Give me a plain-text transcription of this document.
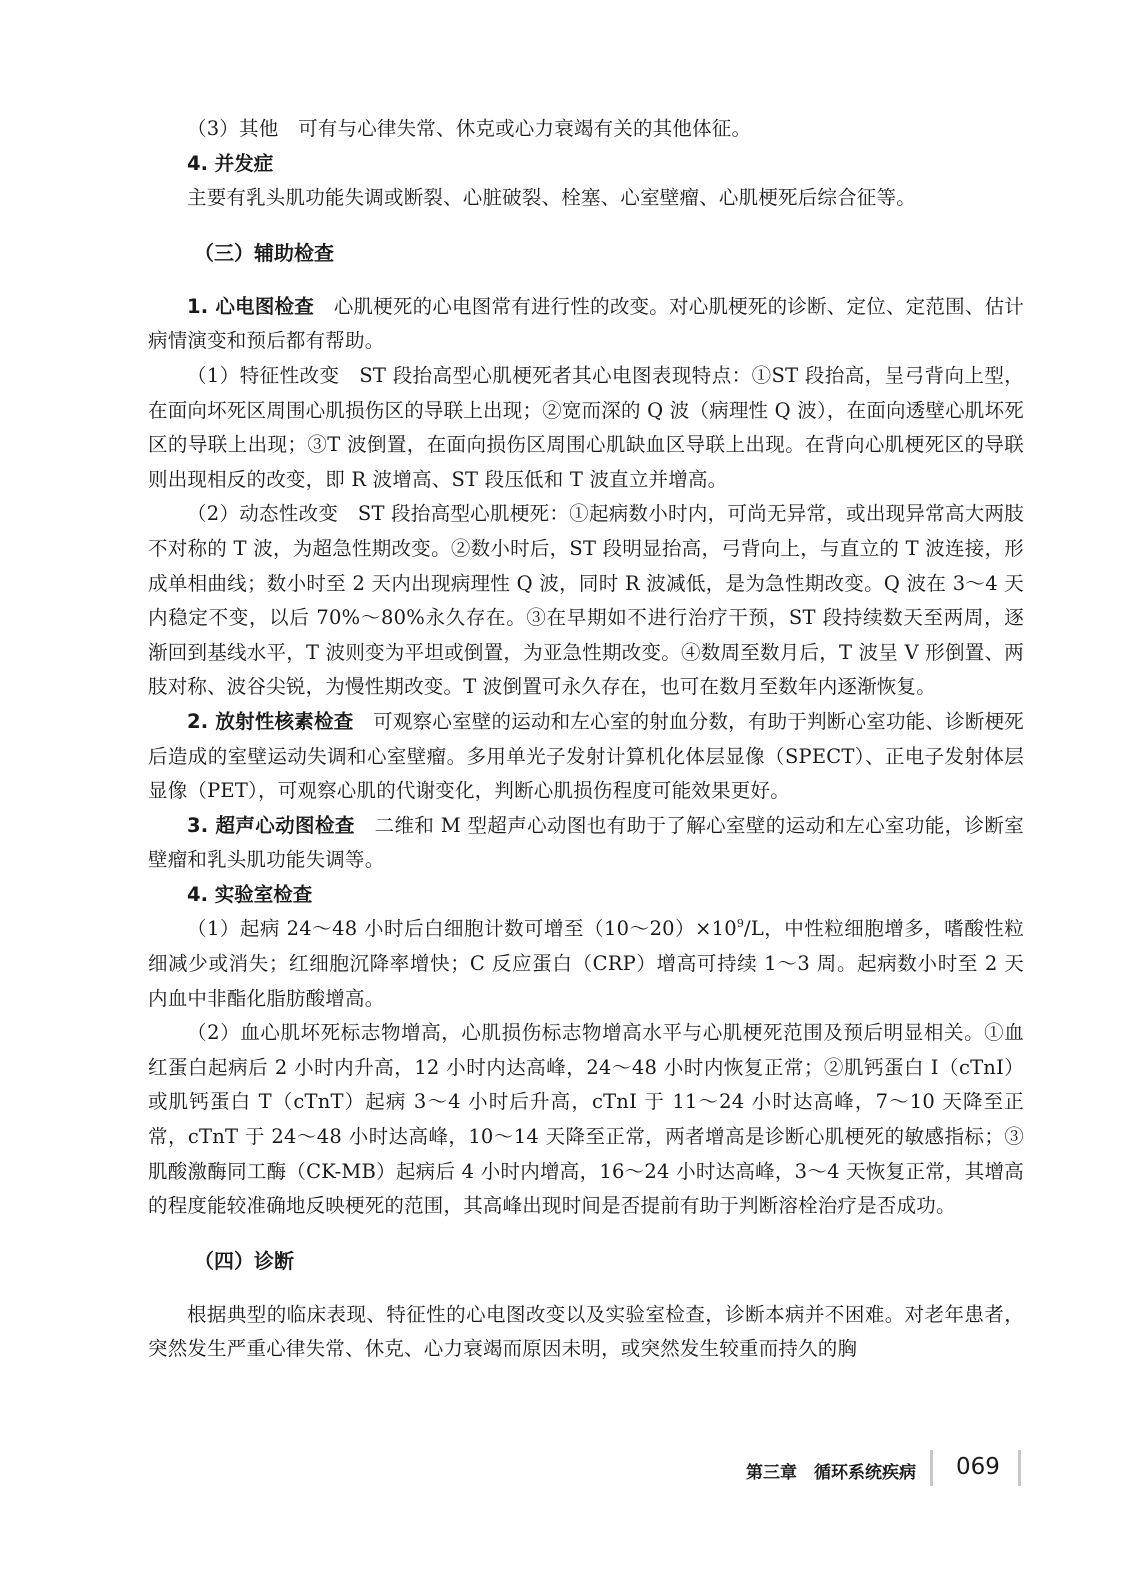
（3）其他　可有与心律失常、休克或心力衰竭有关的其他体征。

4. 并发症

主要有乳头肌功能失调或断裂、心脏破裂、栓塞、心室壁瘤、心肌梗死后综合征等。

（三）辅助检查

1. 心电图检查　心肌梗死的心电图常有进行性的改变。对心肌梗死的诊断、定位、定范围、估计病情演变和预后都有帮助。

（1）特征性改变　ST 段抬高型心肌梗死者其心电图表现特点：①ST 段抬高，呈弓背向上型，在面向坏死区周围心肌损伤区的导联上出现；②宽而深的 Q 波（病理性 Q 波），在面向透壁心肌坏死区的导联上出现；③T 波倒置，在面向损伤区周围心肌缺血区导联上出现。在背向心肌梗死区的导联则出现相反的改变，即 R 波增高、ST 段压低和 T 波直立并增高。

（2）动态性改变　ST 段抬高型心肌梗死：①起病数小时内，可尚无异常，或出现异常高大两肢不对称的 T 波，为超急性期改变。②数小时后，ST 段明显抬高，弓背向上，与直立的 T 波连接，形成单相曲线；数小时至 2 天内出现病理性 Q 波，同时 R 波减低，是为急性期改变。Q 波在 3～4 天内稳定不变，以后 70%～80%永久存在。③在早期如不进行治疗干预，ST 段持续数天至两周，逐渐回到基线水平，T 波则变为平坦或倒置，为亚急性期改变。④数周至数月后，T 波呈 V 形倒置、两肢对称、波谷尖锐，为慢性期改变。T 波倒置可永久存在，也可在数月至数年内逐渐恢复。

2. 放射性核素检查　可观察心室壁的运动和左心室的射血分数，有助于判断心室功能、诊断梗死后造成的室壁运动失调和心室壁瘤。多用单光子发射计算机化体层显像（SPECT）、正电子发射体层显像（PET），可观察心肌的代谢变化，判断心肌损伤程度可能效果更好。

3. 超声心动图检查　二维和 M 型超声心动图也有助于了解心室壁的运动和左心室功能，诊断室壁瘤和乳头肌功能失调等。

4. 实验室检查

（1）起病 24～48 小时后白细胞计数可增至$(10\sim 20)\times 10^9/L$，中性粒细胞增多，嗜酸性粒细减少或消失；红细胞沉降率增快；C 反应蛋白（CRP）增高可持续 1～3 周。起病数小时至 2 天内血中非酯化脂肪酸增高。

（2）血心肌坏死标志物增高，心肌损伤标志物增高水平与心肌梗死范围及预后明显相关。①血红蛋白起病后 2 小时内升高，12 小时内达高峰，24～48 小时内恢复正常；②肌钙蛋白 I（cTnI）或肌钙蛋白 T（cTnT）起病 3～4 小时后升高，cTnI 于 11～24 小时达高峰，7～10 天降至正常，cTnT 于 24～48 小时达高峰，10～14 天降至正常，两者增高是诊断心肌梗死的敏感指标；③肌酸激酶同工酶（CK-MB）起病后 4 小时内增高，16～24 小时达高峰，3～4 天恢复正常，其增高的程度能较准确地反映梗死的范围，其高峰出现时间是否提前有助于判断溶栓治疗是否成功。

（四）诊断

根据典型的临床表现、特征性的心电图改变以及实验室检查，诊断本病并不困难。对老年患者，突然发生严重心律失常、休克、心力衰竭而原因未明，或突然发生较重而持久的胸

第三章　循环系统疾病 069
